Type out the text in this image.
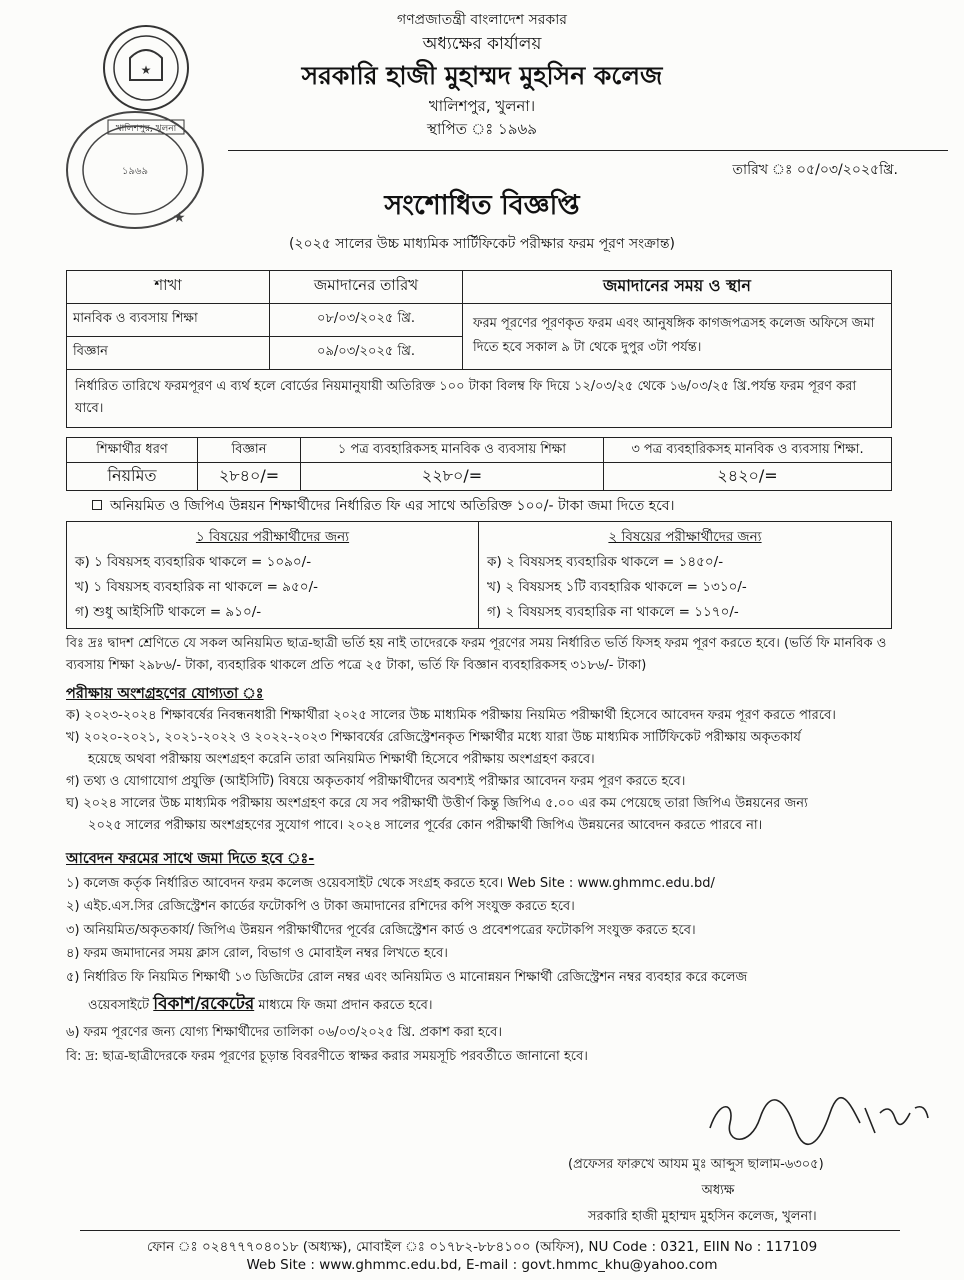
★
খালিশপুর, খুলনা
১৯৬৯
★
গণপ্রজাতন্ত্রী বাংলাদেশ সরকার
অধ্যক্ষের কার্যালয়
সরকারি হাজী মুহাম্মদ মুহসিন কলেজ
খালিশপুর, খুলনা।
স্থাপিত ঃ ১৯৬৯
তারিখ ঃ ০৫/০৩/২০২৫খ্রি.
সংশোধিত বিজ্ঞপ্তি
(২০২৫ সালের উচ্চ মাধ্যমিক সার্টিফিকেট পরীক্ষার ফরম পূরণ সংক্রান্ত)
শাখা	জমাদানের তারিখ	জমাদানের সময় ও স্থান
মানবিক ও ব্যবসায় শিক্ষা	০৮/০৩/২০২৫ খ্রি.	ফরম পূরণের পূরণকৃত ফরম এবং আনুষঙ্গিক কাগজপত্রসহ কলেজ অফিসে জমা দিতে হবে সকাল ৯ টা থেকে দুপুর ৩টা পর্যন্ত।
বিজ্ঞান	০৯/০৩/২০২৫ খ্রি.	
নির্ধারিত তারিখে ফরমপূরণ এ ব্যর্থ হলে বোর্ডের নিয়মানুযায়ী অতিরিক্ত ১০০ টাকা বিলম্ব ফি দিয়ে ১২/০৩/২৫ থেকে ১৬/০৩/২৫ খ্রি.পর্যন্ত ফরম পূরণ করা যাবে।		
শিক্ষার্থীর ধরণ	বিজ্ঞান	১ পত্র ব্যবহারিকসহ মানবিক ও ব্যবসায় শিক্ষা	৩ পত্র ব্যবহারিকসহ মানবিক ও ব্যবসায় শিক্ষা.
নিয়মিত	২৮৪০/=	২২৮০/=	২৪২০/=
অনিয়মিত ও জিপিএ উন্নয়ন শিক্ষার্থীদের নির্ধারিত ফি এর সাথে অতিরিক্ত ১০০/- টাকা জমা দিতে হবে।
১ বিষয়ের পরীক্ষার্থীদের জন্য
ক) ১ বিষয়সহ ব্যবহারিক থাকলে = ১০৯০/-
খ) ১ বিষয়সহ ব্যবহারিক না থাকলে = ৯৫০/-
গ) শুধু আইসিটি থাকলে = ৯১০/-

২ বিষয়ের পরীক্ষার্থীদের জন্য
ক) ২ বিষয়সহ ব্যবহারিক থাকলে = ১৪৫০/-
খ) ২ বিষয়সহ ১টি ব্যবহারিক থাকলে = ১৩১০/-
গ) ২ বিষয়সহ ব্যবহারিক না থাকলে = ১১৭০/-
বিঃ দ্রঃ দ্বাদশ শ্রেণিতে যে সকল অনিয়মিত ছাত্র-ছাত্রী ভর্তি হয় নাই তাদেরকে ফরম পূরণের সময় নির্ধারিত ভর্তি ফিসহ ফরম পূরণ করতে হবে। (ভর্তি ফি মানবিক ও ব্যবসায় শিক্ষা ২৯৮৬/- টাকা, ব্যবহারিক থাকলে প্রতি পত্রে ২৫ টাকা, ভর্তি ফি বিজ্ঞান ব্যবহারিকসহ ৩১৮৬/- টাকা)
পরীক্ষায় অংশগ্রহণের যোগ্যতা ঃ
ক) ২০২৩-২০২৪ শিক্ষাবর্ষের নিবন্ধনধারী শিক্ষার্থীরা ২০২৫ সালের উচ্চ মাধ্যমিক পরীক্ষায় নিয়মিত পরীক্ষার্থী হিসেবে আবেদন ফরম পূরণ করতে পারবে।
খ) ২০২০-২০২১, ২০২১-২০২২ ও ২০২২-২০২৩ শিক্ষাবর্ষের রেজিস্ট্রেশনকৃত শিক্ষার্থীর মধ্যে যারা উচ্চ মাধ্যমিক সার্টিফিকেট পরীক্ষায় অকৃতকার্য
হয়েছে অথবা পরীক্ষায় অংশগ্রহণ করেনি তারা অনিয়মিত শিক্ষার্থী হিসেবে পরীক্ষায় অংশগ্রহণ করবে।
গ) তথ্য ও যোগাযোগ প্রযুক্তি (আইসিটি) বিষয়ে অকৃতকার্য পরীক্ষার্থীদের অবশ্যই পরীক্ষার আবেদন ফরম পূরণ করতে হবে।
ঘ) ২০২৪ সালের উচ্চ মাধ্যমিক পরীক্ষায় অংশগ্রহণ করে যে সব পরীক্ষার্থী উত্তীর্ণ কিন্তু জিপিএ ৫.০০ এর কম পেয়েছে তারা জিপিএ উন্নয়নের জন্য
২০২৫ সালের পরীক্ষায় অংশগ্রহণের সুযোগ পাবে। ২০২৪ সালের পূর্বের কোন পরীক্ষার্থী জিপিএ উন্নয়নের আবেদন করতে পারবে না।
আবেদন ফরমের সাথে জমা দিতে হবে ঃ-
১) কলেজ কর্তৃক নির্ধারিত আবেদন ফরম কলেজ ওয়েবসাইট থেকে সংগ্রহ করতে হবে। Web Site : www.ghmmc.edu.bd/
২) এইচ.এস.সির রেজিস্ট্রেশন কার্ডের ফটোকপি ও টাকা জমাদানের রশিদের কপি সংযুক্ত করতে হবে।
৩) অনিয়মিত/অকৃতকার্য/ জিপিএ উন্নয়ন পরীক্ষার্থীদের পূর্বের রেজিস্ট্রেশন কার্ড ও প্রবেশপত্রের ফটোকপি সংযুক্ত করতে হবে।
৪) ফরম জমাদানের সময় ক্লাস রোল, বিভাগ ও মোবাইল নম্বর লিখতে হবে।
৫) নির্ধারিত ফি নিয়মিত শিক্ষার্থী ১৩ ডিজিটের রোল নম্বর এবং অনিয়মিত ও মানোন্নয়ন শিক্ষার্থী রেজিস্ট্রেশন নম্বর ব্যবহার করে কলেজ
ওয়েবসাইটে বিকাশ/রকেটের মাধ্যমে ফি জমা প্রদান করতে হবে।
৬) ফরম পূরণের জন্য যোগ্য শিক্ষার্থীদের তালিকা ০৬/০৩/২০২৫ খ্রি. প্রকাশ করা হবে।
বি: দ্র: ছাত্র-ছাত্রীদেরকে ফরম পূরণের চূড়ান্ত বিবরণীতে স্বাক্ষর করার সময়সূচি পরবর্তীতে জানানো হবে।
(প্রফেসর ফারুখে আযম মুঃ আব্দুস ছালাম-৬৩০৫)
অধ্যক্ষ
সরকারি হাজী মুহাম্মদ মুহসিন কলেজ, খুলনা।
ফোন ঃ ০২৪৭৭৭০৪০১৮ (অধ্যক্ষ), মোবাইল ঃ ০১৭৮২-৮৮৪১০০ (অফিস), NU Code : 0321, EIIN No : 117109
Web Site : www.ghmmc.edu.bd, E-mail : govt.hmmc_khu@yahoo.com
